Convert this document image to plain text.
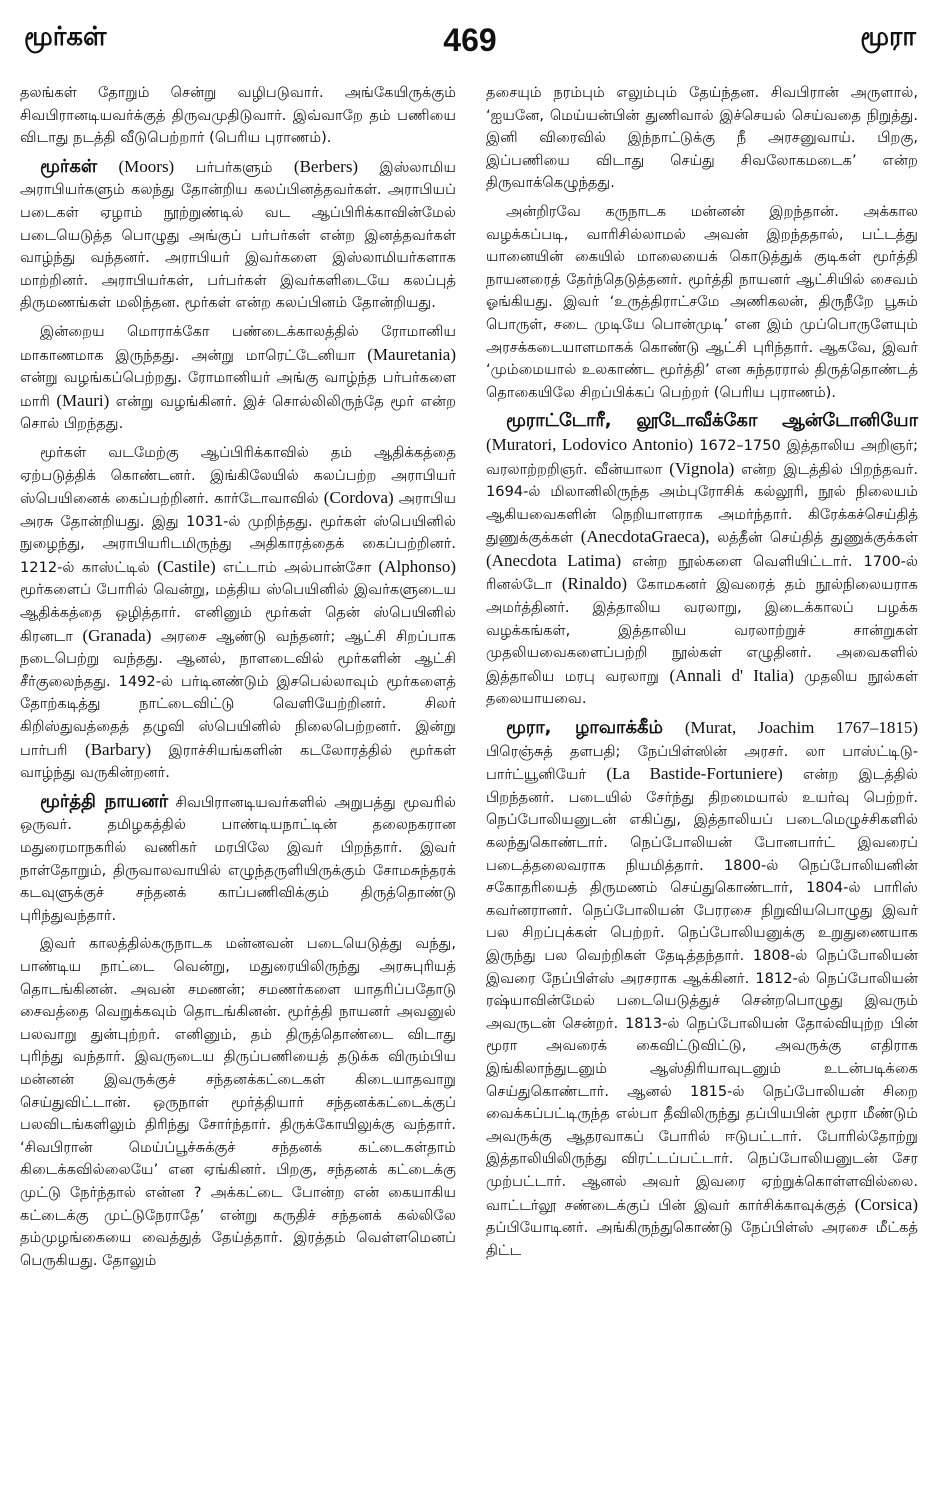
மூர்கள்	469	மூரா

தலங்கள் தோறும் சென்று வழிபடுவார். அங்கேயிருக்கும் சிவபிரானடியவர்க்குத் திருவமுதிடுவார். இவ்வாறே தம் பணியை விடாது நடத்தி வீடுபெற்றார் (பெரிய புராணம்).

மூர்கள் (Moors) பர்பர்களும் (Berbers) இஸ்லாமிய அராபியர்களும் கலந்து தோன்றிய கலப்பினத்தவர்கள். அராபியப் படைகள் ஏழாம் நூற்றுண்டில் வட ஆப்பிரிக்காவின்மேல் படையெடுத்த பொழுது அங்குப் பர்பர்கள் என்ற இனத்தவர்கள் வாழ்ந்து வந்தனர். அராபியர் இவர்களை இஸ்லாமியர்களாக மாற்றினர். அராபியர்கள், பர்பர்கள் இவர்களிடையே கலப்புத் திருமணங்கள் மலிந்தன. மூர்கள் என்ற கலப்பினம் தோன்றியது.

இன்றைய மொராக்கோ பண்டைக்காலத்தில் ரோமானிய மாகாணமாக இருந்தது. அன்று மாரெட்டேனியா (Mauretania) என்று வழங்கப்பெற்றது. ரோமானியர் அங்கு வாழ்ந்த பர்பர்களை மாரி (Mauri) என்று வழங்கினர். இச் சொல்லிலிருந்தே மூர் என்ற சொல் பிறந்தது.

மூர்கள் வடமேற்கு ஆப்பிரிக்காவில் தம் ஆதிக்கத்தை ஏற்படுத்திக் கொண்டனர். இங்கிலேயில் கலப்பற்ற அராபியர் ஸ்பெயினைக் கைப்பற்றினர். கார்டோவாவில் (Cordova) அராபிய அரசு தோன்றியது. இது 1031-ல் முறிந்தது. மூர்கள் ஸ்பெயினில் நுழைந்து, அராபியரிடமிருந்து அதிகாரத்தைக் கைப்பற்றினர். 1212-ல் காஸ்ட்டில் (Castile) எட்டாம் அல்பான்சோ (Alphonso) மூர்களைப் போரில் வென்று, மத்திய ஸ்பெயினில் இவர்களுடைய ஆதிக்கத்தை ஒழித்தார். எனினும் மூர்கள் தென் ஸ்பெயினில் கிரனடா (Granada) அரசை ஆண்டு வந்தனர்; ஆட்சி சிறப்பாக நடைபெற்று வந்தது. ஆனல், நாளடைவில் மூர்களின் ஆட்சி சீர்குலைந்தது. 1492-ல் பர்டினண்டும் இசபெல்லாவும் மூர்களைத் தோற்கடித்து நாட்டைவிட்டு வெளியேற்றினர். சிலர் கிறிஸ்துவத்தைத் தழுவி ஸ்பெயினில் நிலைபெற்றனர். இன்று பார்பரி (Barbary) இராச்சியங்களின் கடலோரத்தில் மூர்கள் வாழ்ந்து வருகின்றனர்.

மூர்த்தி நாயனர் சிவபிரானடியவர்களில் அறுபத்து மூவரில் ஒருவர். தமிழகத்தில் பாண்டியநாட்டின் தலைநகரான மதுரைமாநகரில் வணிகர் மரபிலே இவர் பிறந்தார். இவர் நாள்தோறும், திருவாலவாயில் எழுந்தருளியிருக்கும் சோமசுந்தரக் கடவுளுக்குச் சந்தனக் காப்பணிவிக்கும் திருத்தொண்டு புரிந்துவந்தார்.

இவர் காலத்தில்கருநாடக மன்னவன் படையெடுத்து வந்து, பாண்டிய நாட்டை வென்று, மதுரையிலிருந்து அரசுபுரியத் தொடங்கினன். அவன் சமணன்; சமணர்களை யாதரிப்பதோடு சைவத்தை வெறுக்கவும் தொடங்கினன். மூர்த்தி நாயனர் அவனுல் பலவாறு துன்புற்றர். எனினும், தம் திருத்தொண்டை விடாது புரிந்து வந்தார். இவருடைய திருப்பணியைத் தடுக்க விரும்பிய மன்னன் இவருக்குச் சந்தனக்கட்டைகள் கிடையாதவாறு செய்துவிட்டான். ஒருநாள் மூர்த்தியார் சந்தனக்கட்டைக்குப் பலவிடங்களிலும் திரிந்து சோர்ந்தார். திருக்கோயிலுக்கு வந்தார். ‘சிவபிரான் மெய்ப்பூச்சுக்குச் சந்தனக் கட்டைகள்தாம் கிடைக்கவில்லையே’ என ஏங்கினர். பிறகு, சந்தனக் கட்டைக்கு முட்டு நேர்ந்தால் என்ன ? அக்கட்டை போன்ற என் கையாகிய கட்டைக்கு முட்டுநேராதே’ என்று கருதிச் சந்தனக் கல்லிலே தம்முழங்கையை வைத்துத் தேய்த்தார். இரத்தம் வெள்ளமெனப் பெருகியது. தோலும்

தசையும் நரம்பும் எலும்பும் தேய்ந்தன. சிவபிரான் அருளால், ‘ஐயனே, மெய்யன்பின் துணிவால் இச்செயல் செய்வதை நிறுத்து. இனி விரைவில் இந்நாட்டுக்கு நீ அரசனுவாய். பிறகு, இப்பணியை விடாது செய்து சிவலோகமடைக’ என்ற திருவாக்கெழுந்தது.

அன்றிரவே கருநாடக மன்னன் இறந்தான். அக்கால வழக்கப்படி, வாரிசில்லாமல் அவன் இறந்ததால், பட்டத்து யானையின் கையில் மாலையைக் கொடுத்துக் குடிகள் மூர்த்தி நாயனரைத் தேர்ந்தெடுத்தனர். மூர்த்தி நாயனர் ஆட்சியில் சைவம் ஓங்கியது. இவர் ‘உருத்திராட்சமே அணிகலன், திருநீறே பூசும் பொருள், சடை முடியே பொன்முடி’ என இம் முப்பொருளேயும் அரசக்கடையாளமாகக் கொண்டு ஆட்சி புரிந்தார். ஆகவே, இவர் ‘மும்மையால் உலகாண்ட மூர்த்தி’ என சுந்தரரால் திருத்தொண்டத் தொகையிலே சிறப்பிக்கப் பெற்றர் (பெரிய புராணம்).

மூராட்டோரீ, லூடோவீக்கோ ஆன்டோனியோ (Muratori, Lodovico Antonio) 1672–1750 இத்தாலிய அறிஞர்; வரலாற்றறிஞர். வீன்யாலா (Vignola) என்ற இடத்தில் பிறந்தவர். 1694-ல் மிலானிலிருந்த அம்புரோசிக் கல்லூரி, நூல் நிலையம் ஆகியவைகளின் நெறியாளராக அமர்ந்தார். கிரேக்கச்செய்தித் துணுக்குக்கள் (AnecdotaGraeca), லத்தீன் செய்தித் துணுக்குக்கள் (Anecdota Latima) என்ற நூல்களை வெளியிட்டார். 1700-ல் ரினல்டோ (Rinaldo) கோமகனர் இவரைத் தம் நூல்நிலையராக அமர்த்தினர். இத்தாலிய வரலாறு, இடைக்காலப் பழக்க வழக்கங்கள், இத்தாலிய வரலாற்றுச் சான்றுகள் முதலியவைகளைப்பற்றி நூல்கள் எழுதினர். அவைகளில் இத்தாலிய மரபு வரலாறு (Annali d' Italia) முதலிய நூல்கள் தலையாயவை.

மூரா, ழாவாக்கீம் (Murat, Joachim 1767–1815) பிரெஞ்சுத் தளபதி; நேப்பிள்ஸின் அரசர். லா பாஸ்ட்டிடு-பார்ட்யூனியேர் (La Bastide-Fortuniere) என்ற இடத்தில் பிறந்தனர். படையில் சேர்ந்து திறமையால் உயர்வு பெற்றர். நெப்போலியனுடன் எகிப்து, இத்தாலியப் படைமெழுச்சிகளில் கலந்துகொண்டார். நெப்போலியன் போனபார்ட் இவரைப் படைத்தலைவராக நியமித்தார். 1800-ல் நெப்போலியனின் சகோதரியைத் திருமணம் செய்துகொண்டார், 1804-ல் பாரிஸ் கவர்னரானர். நெப்போலியன் பேரரசை நிறுவியபொழுது இவர் பல சிறப்புக்கள் பெற்றர். நெப்போலியனுக்கு உறுதுணையாக இருந்து பல வெற்றிகள் தேடித்தந்தார். 1808-ல் நெப்போலியன் இவரை நேப்பிள்ஸ் அரசராக ஆக்கினர். 1812-ல் நெப்போலியன் ரஷ்யாவின்மேல் படையெடுத்துச் சென்றபொழுது இவரும் அவருடன் சென்றர். 1813-ல் நெப்போலியன் தோல்வியுற்ற பின் மூரா அவரைக் கைவிட்டுவிட்டு, அவருக்கு எதிராக இங்கிலாந்துடனும் ஆஸ்திரியாவுடனும் உடன்படிக்கை செய்துகொண்டார். ஆனல் 1815-ல் நெப்போலியன் சிறை வைக்கப்பட்டிருந்த எல்பா தீவிலிருந்து தப்பியபின் மூரா மீண்டும் அவருக்கு ஆதரவாகப் போரில் ஈடுபட்டார். போரில்தோற்று இத்தாலியிலிருந்து விரட்டப்பட்டார். நெப்போலியனுடன் சேர முற்பட்டார். ஆனல் அவர் இவரை ஏற்றுக்கொள்ளவில்லை. வாட்டர்லூ சண்டைக்குப் பின் இவர் கார்சிக்காவுக்குத் (Corsica) தப்பியோடினர். அங்கிருந்துகொண்டு நேப்பிள்ஸ் அரசை மீட்கத் திட்ட
